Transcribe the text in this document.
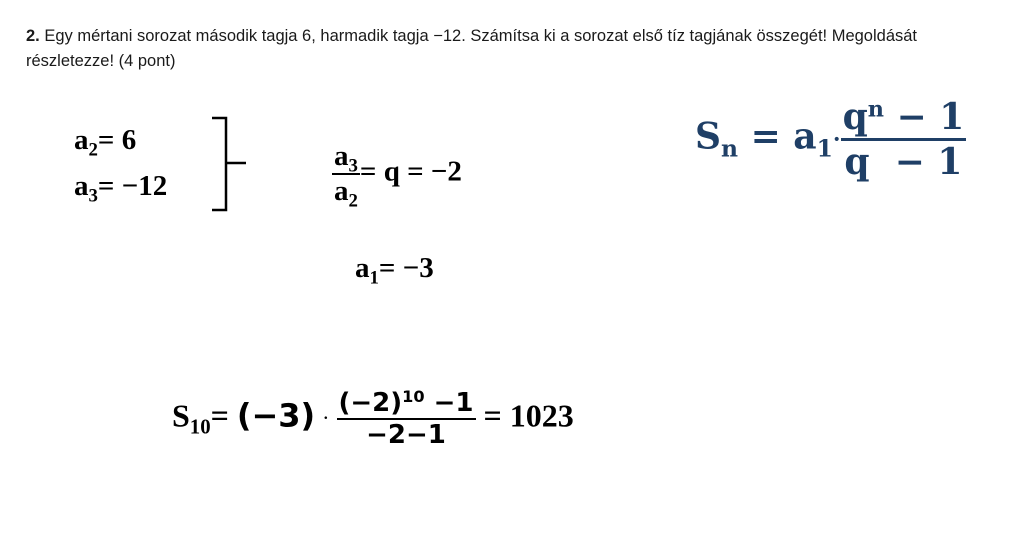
2. Egy mértani sorozat második tagja 6, harmadik tagja −12. Számítsa ki a sorozat első tíz tagjának összegét! Megoldását részletezze! (4 pont)
$a_2= 6$
$a_3= -12$	$\frac{a_3}{a_2} = q = -2$
$a_1= -3$
$S_n = a_1\cdot \frac{q^n - 1}{q - 1}$
$S_{10}= (-3) \cdot \frac{(-2)^{10} -1}{-2-1} = 1023$
